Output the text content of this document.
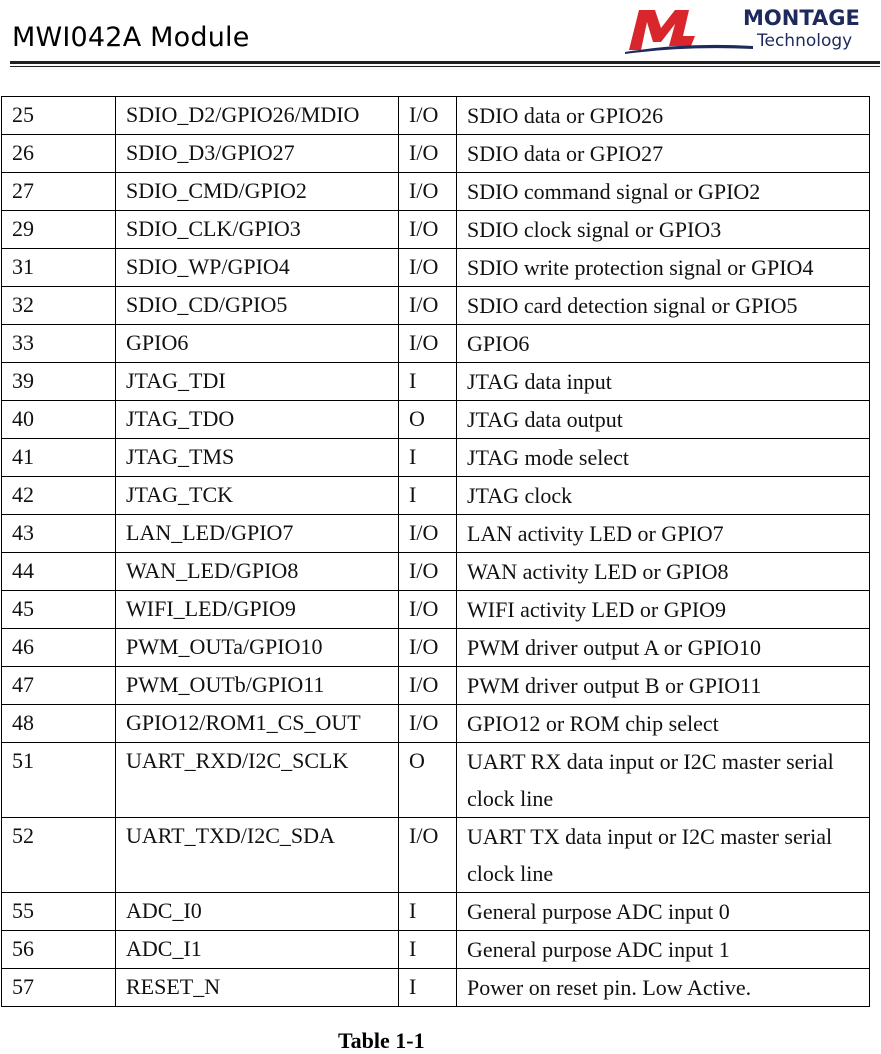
MWI042A Module
MONTAGE
Technology
25	SDIO_D2/GPIO26/MDIO	I/O	SDIO data or GPIO26
26	SDIO_D3/GPIO27	I/O	SDIO data or GPIO27
27	SDIO_CMD/GPIO2	I/O	SDIO command signal or GPIO2
29	SDIO_CLK/GPIO3	I/O	SDIO clock signal or GPIO3
31	SDIO_WP/GPIO4	I/O	SDIO write protection signal or GPIO4
32	SDIO_CD/GPIO5	I/O	SDIO card detection signal or GPIO5
33	GPIO6	I/O	GPIO6
39	JTAG_TDI	I	JTAG data input
40	JTAG_TDO	O	JTAG data output
41	JTAG_TMS	I	JTAG mode select
42	JTAG_TCK	I	JTAG clock
43	LAN_LED/GPIO7	I/O	LAN activity LED or GPIO7
44	WAN_LED/GPIO8	I/O	WAN activity LED or GPIO8
45	WIFI_LED/GPIO9	I/O	WIFI activity LED or GPIO9
46	PWM_OUTa/GPIO10	I/O	PWM driver output A or GPIO10
47	PWM_OUTb/GPIO11	I/O	PWM driver output B or GPIO11
48	GPIO12/ROM1_CS_OUT	I/O	GPIO12 or ROM chip select
51	UART_RXD/I2C_SCLK	O	UART RX data input or I2C master serial clock line
52	UART_TXD/I2C_SDA	I/O	UART TX data input or I2C master serial clock line
55	ADC_I0	I	General purpose ADC input 0
56	ADC_I1	I	General purpose ADC input 1
57	RESET_N	I	Power on reset pin. Low Active.
Table 1-1
